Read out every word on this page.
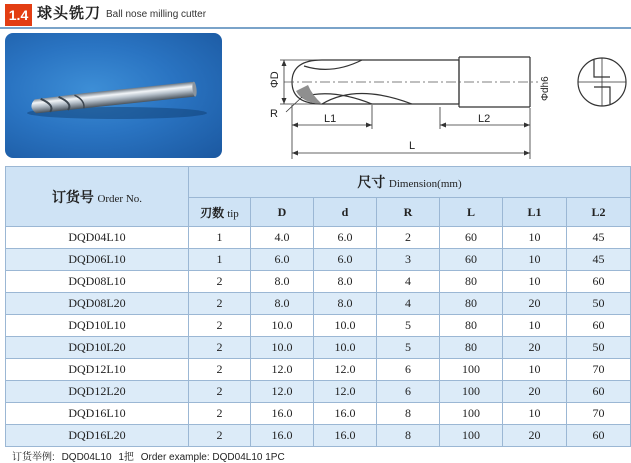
1.4 球头铣刀 Ball nose milling cutter
ΦD	Φdh6
R	L1	L2
L
订货号 Order No.	尺寸 Dimension(mm)						
	刃数 tip	D	d	R	L	L1	L2
DQD04L10	1	4.0	6.0	2	60	10	45
DQD06L10	1	6.0	6.0	3	60	10	45
DQD08L10	2	8.0	8.0	4	80	10	60
DQD08L20	2	8.0	8.0	4	80	20	50
DQD10L10	2	10.0	10.0	5	80	10	60
DQD10L20	2	10.0	10.0	5	80	20	50
DQD12L10	2	12.0	12.0	6	100	10	70
DQD12L20	2	12.0	12.0	6	100	20	60
DQD16L10	2	16.0	16.0	8	100	10	70
DQD16L20	2	16.0	16.0	8	100	20	60
订货举例: DQD04L10 1把 Order example: DQD04L10 1PC
